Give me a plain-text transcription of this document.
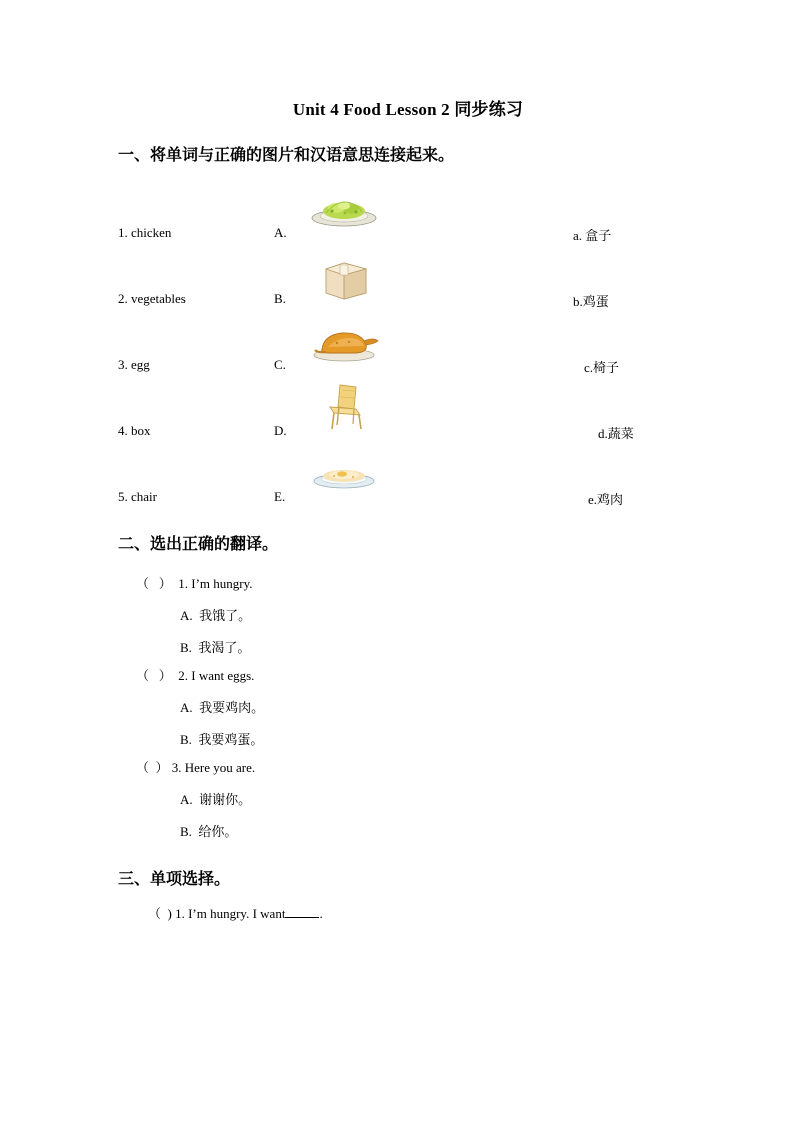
Unit 4 Food Lesson 2 同步练习
一、将单词与正确的图片和汉语意思连接起来。
1. chicken	A.	a. 盒子
2. vegetables	B.	b.鸡蛋
3. egg	C.	c.椅子
4. box	D.	d.蔬菜
5. chair	E.	e.鸡肉
二、选出正确的翻译。

（   ）  1. I’m hungry.

A.  我饿了。

B.  我渴了。

（   ）  2. I want eggs.

A.  我要鸡肉。

B.  我要鸡蛋。

（  ） 3. Here you are.

A.  谢谢你。

B.  给你。

三、单项选择。

（  ) 1. I’m hungry. I want	.
